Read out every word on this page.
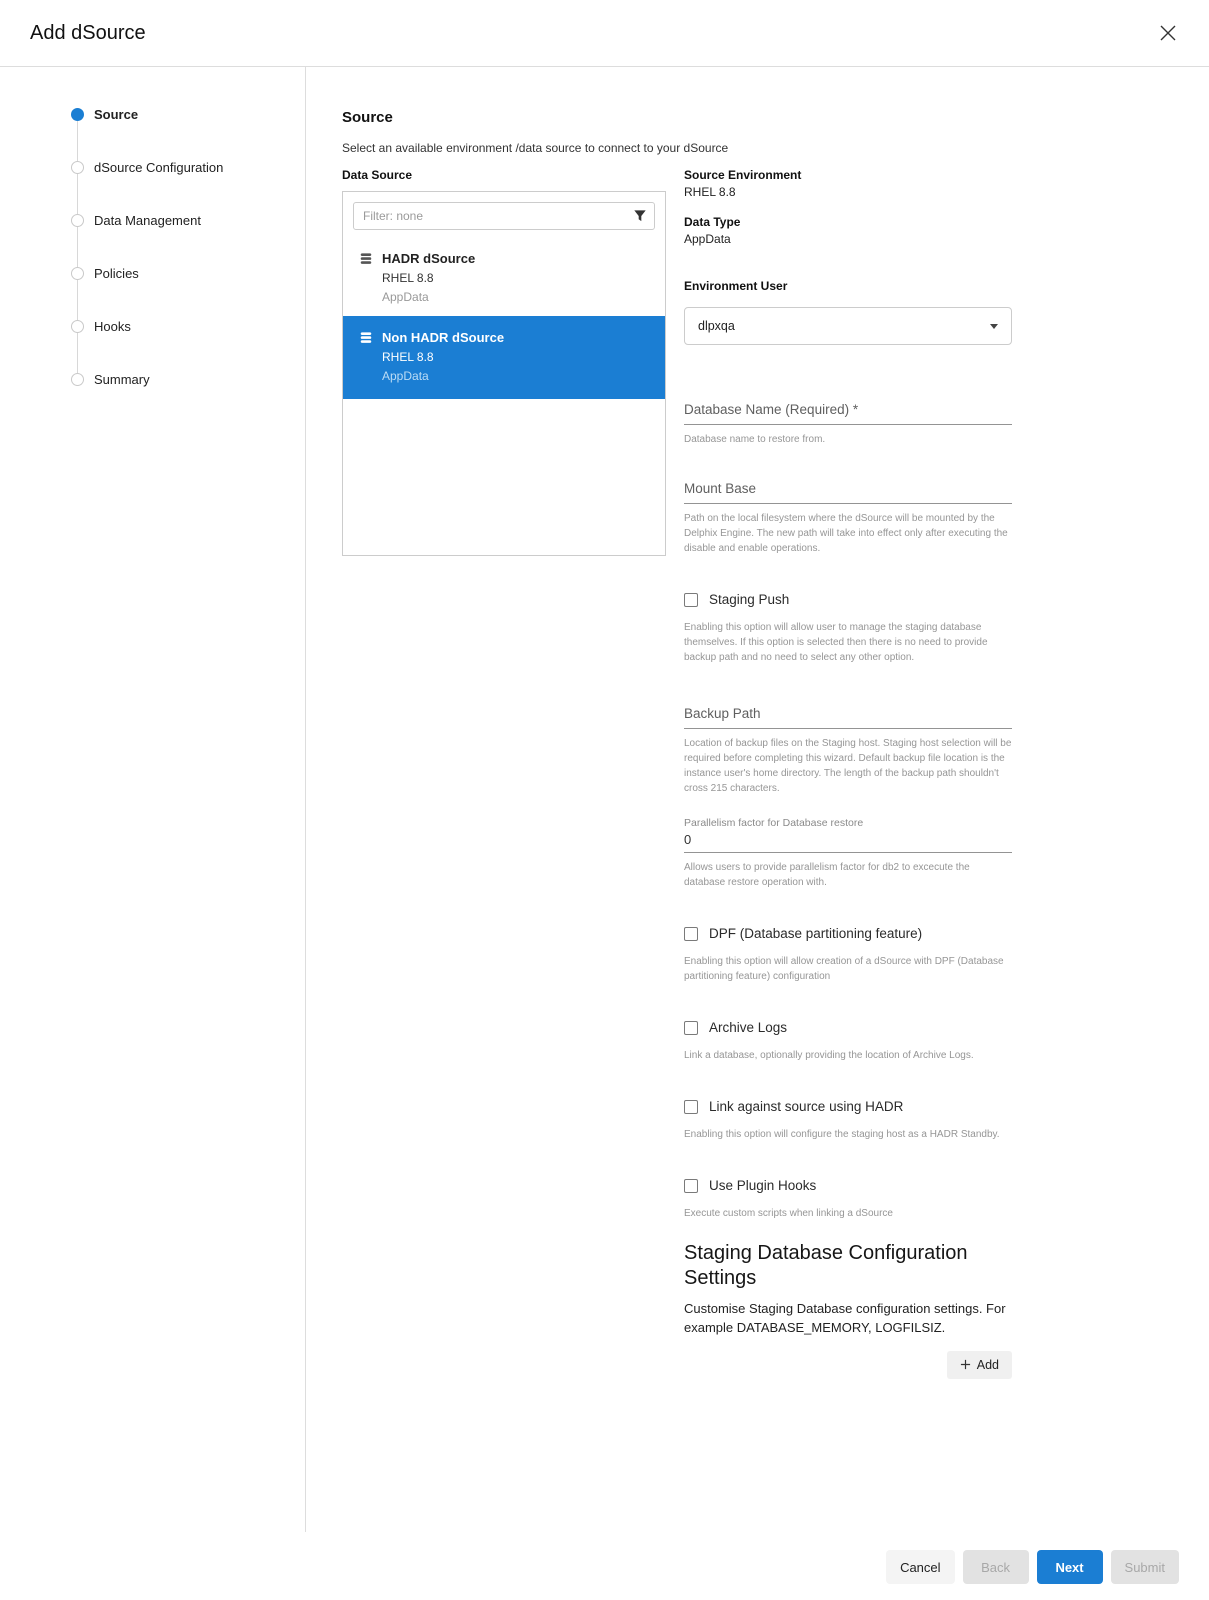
Add dSource
Source
dSource Configuration
Data Management
Policies
Hooks
Summary
Source
Select an available environment /data source to connect to your dSource
Data Source
Filter: none
HADR dSource
RHEL 8.8
AppData
Non HADR dSource
RHEL 8.8
AppData
Source Environment
RHEL 8.8
Data Type
AppData
Environment User
dlpxqa
Database Name (Required) *
Database name to restore from.
Mount Base
Path on the local filesystem where the dSource will be mounted by the Delphix Engine. The new path will take into effect only after executing the disable and enable operations.
Staging Push
Enabling this option will allow user to manage the staging database themselves. If this option is selected then there is no need to provide backup path and no need to select any other option.
Backup Path
Location of backup files on the Staging host. Staging host selection will be required before completing this wizard. Default backup file location is the instance user's home directory. The length of the backup path shouldn't cross 215 characters.
Parallelism factor for Database restore
0
Allows users to provide parallelism factor for db2 to excecute the database restore operation with.
DPF (Database partitioning feature)
Enabling this option will allow creation of a dSource with DPF (Database partitioning feature) configuration
Archive Logs
Link a database, optionally providing the location of Archive Logs.
Link against source using HADR
Enabling this option will configure the staging host as a HADR Standby.
Use Plugin Hooks
Execute custom scripts when linking a dSource
Staging Database Configuration Settings
Customise Staging Database configuration settings. For example DATABASE_MEMORY, LOGFILSIZ.
Add
Cancel	Back	Next	Submit
